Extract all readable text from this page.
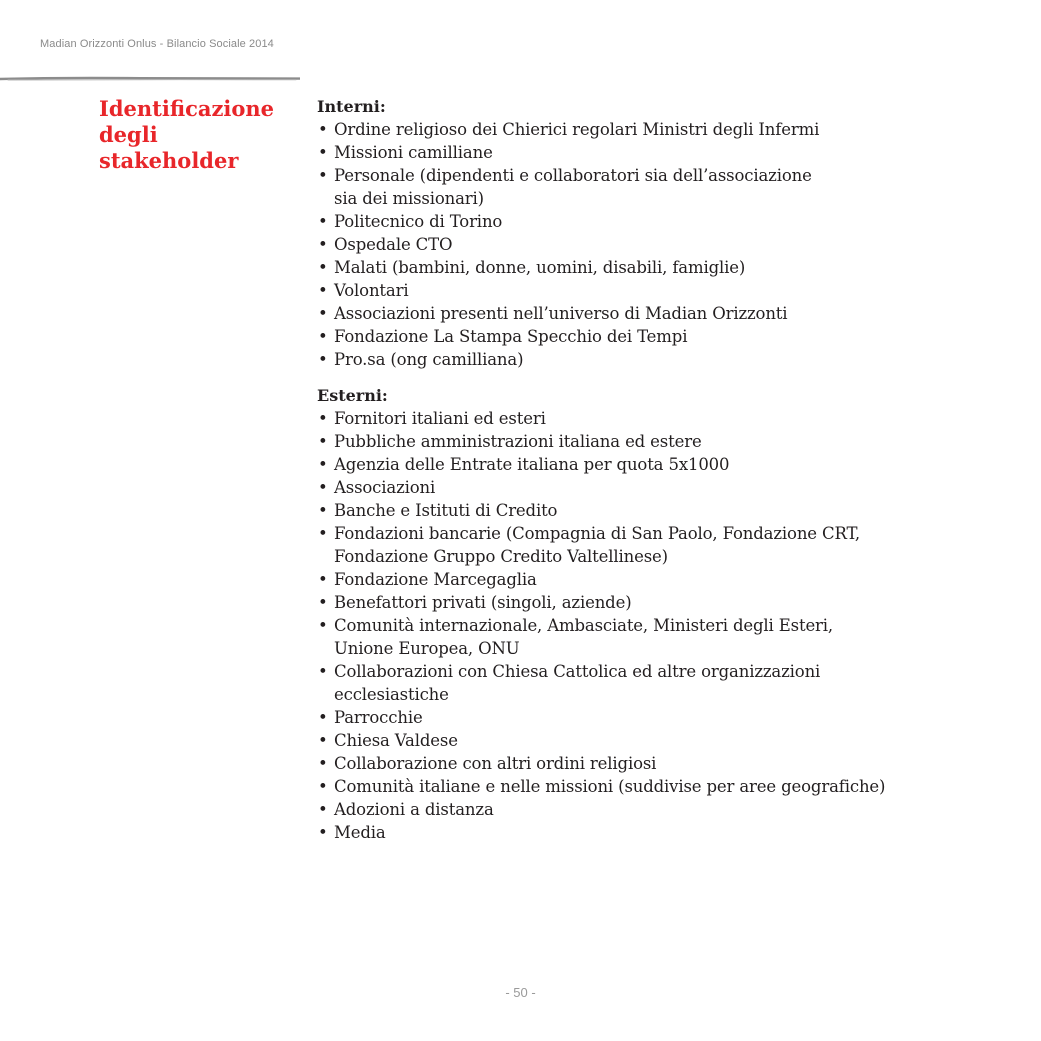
Madian Orizzonti Onlus - Bilancio Sociale 2014
Identificazione degli stakeholder
Interni:
• Ordine religioso dei Chierici regolari Ministri degli Infermi
• Missioni camilliane
• Personale (dipendenti e collaboratori sia dell’associazione
sia dei missionari)
• Politecnico di Torino
• Ospedale CTO
• Malati (bambini, donne, uomini, disabili, famiglie)
• Volontari
• Associazioni presenti nell’universo di Madian Orizzonti
• Fondazione La Stampa Specchio dei Tempi
• Pro.sa (ong camilliana)
Esterni:
• Fornitori italiani ed esteri
• Pubbliche amministrazioni italiana ed estere
• Agenzia delle Entrate italiana per quota 5x1000
• Associazioni
• Banche e Istituti di Credito
• Fondazioni bancarie (Compagnia di San Paolo, Fondazione CRT,
Fondazione Gruppo Credito Valtellinese)
• Fondazione Marcegaglia
• Benefattori privati (singoli, aziende)
• Comunità internazionale, Ambasciate, Ministeri degli Esteri,
Unione Europea, ONU
• Collaborazioni con Chiesa Cattolica ed altre organizzazioni
ecclesiastiche
• Parrocchie
• Chiesa Valdese
• Collaborazione con altri ordini religiosi
• Comunità italiane e nelle missioni (suddivise per aree geografiche)
• Adozioni a distanza
• Media
- 50 -
